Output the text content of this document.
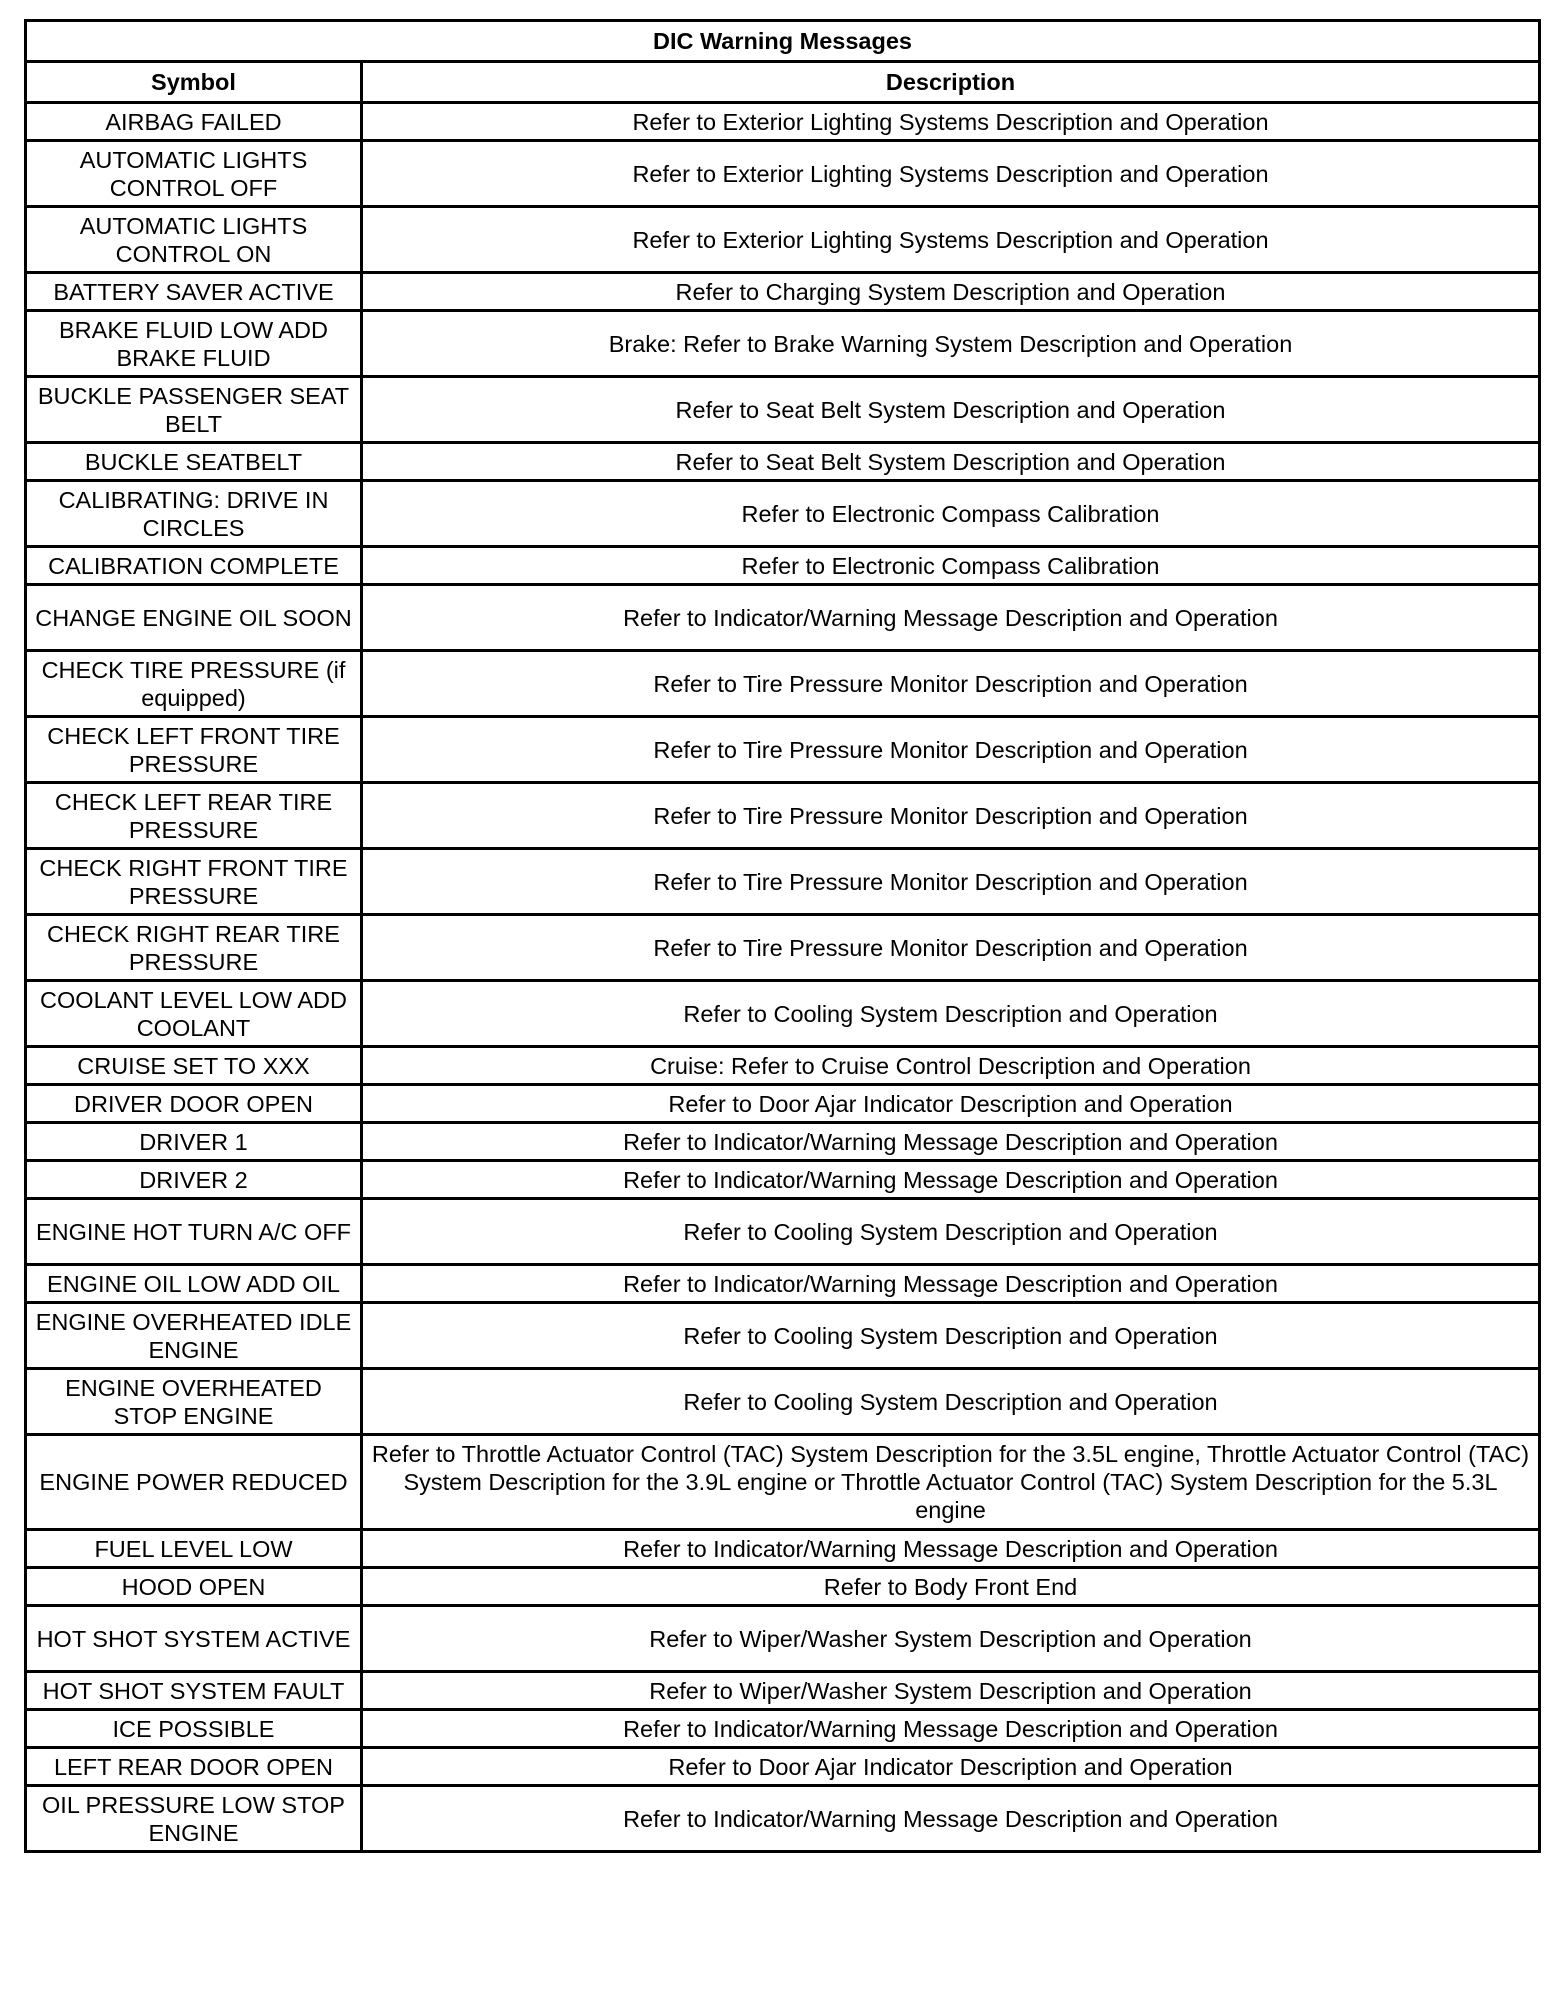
DIC Warning Messages	
Symbol	Description
AIRBAG FAILED	Refer to Exterior Lighting Systems Description and Operation
AUTOMATIC LIGHTS CONTROL OFF	Refer to Exterior Lighting Systems Description and Operation
AUTOMATIC LIGHTS CONTROL ON	Refer to Exterior Lighting Systems Description and Operation
BATTERY SAVER ACTIVE	Refer to Charging System Description and Operation
BRAKE FLUID LOW ADD BRAKE FLUID	Brake: Refer to Brake Warning System Description and Operation
BUCKLE PASSENGER SEAT BELT	Refer to Seat Belt System Description and Operation
BUCKLE SEATBELT	Refer to Seat Belt System Description and Operation
CALIBRATING: DRIVE IN CIRCLES	Refer to Electronic Compass Calibration
CALIBRATION COMPLETE	Refer to Electronic Compass Calibration
CHANGE ENGINE OIL SOON	Refer to Indicator/Warning Message Description and Operation
CHECK TIRE PRESSURE (if equipped)	Refer to Tire Pressure Monitor Description and Operation
CHECK LEFT FRONT TIRE PRESSURE	Refer to Tire Pressure Monitor Description and Operation
CHECK LEFT REAR TIRE PRESSURE	Refer to Tire Pressure Monitor Description and Operation
CHECK RIGHT FRONT TIRE PRESSURE	Refer to Tire Pressure Monitor Description and Operation
CHECK RIGHT REAR TIRE PRESSURE	Refer to Tire Pressure Monitor Description and Operation
COOLANT LEVEL LOW ADD COOLANT	Refer to Cooling System Description and Operation
CRUISE SET TO XXX	Cruise: Refer to Cruise Control Description and Operation
DRIVER DOOR OPEN	Refer to Door Ajar Indicator Description and Operation
DRIVER 1	Refer to Indicator/Warning Message Description and Operation
DRIVER 2	Refer to Indicator/Warning Message Description and Operation
ENGINE HOT TURN A/C OFF	Refer to Cooling System Description and Operation
ENGINE OIL LOW ADD OIL	Refer to Indicator/Warning Message Description and Operation
ENGINE OVERHEATED IDLE ENGINE	Refer to Cooling System Description and Operation
ENGINE OVERHEATED STOP ENGINE	Refer to Cooling System Description and Operation
ENGINE POWER REDUCED	Refer to Throttle Actuator Control (TAC) System Description for the 3.5L engine, Throttle Actuator Control (TAC) System Description for the 3.9L engine or Throttle Actuator Control (TAC) System Description for the 5.3L engine
FUEL LEVEL LOW	Refer to Indicator/Warning Message Description and Operation
HOOD OPEN	Refer to Body Front End
HOT SHOT SYSTEM ACTIVE	Refer to Wiper/Washer System Description and Operation
HOT SHOT SYSTEM FAULT	Refer to Wiper/Washer System Description and Operation
ICE POSSIBLE	Refer to Indicator/Warning Message Description and Operation
LEFT REAR DOOR OPEN	Refer to Door Ajar Indicator Description and Operation
OIL PRESSURE LOW STOP ENGINE	Refer to Indicator/Warning Message Description and Operation
